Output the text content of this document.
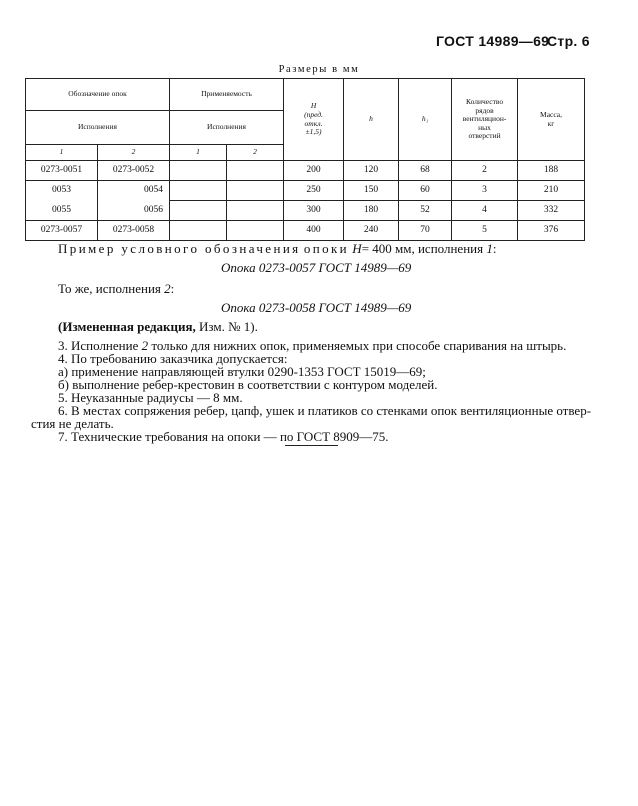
ГОСТ 14989—69
Стр. 6
Размеры в мм
Обозначение опок		Применяемость		H
(пред.
откл.
±1,5)	h	h₁	Количество
рядов
вентиляцион-
ных
отверстий	Масса,
кг
Исполнения		Исполнения						
1	2	1	2					
0273-0051	0273-0052			200	120	68	2	188
0053	0054			250	150	60	3	210
0055	0056			300	180	52	4	332
0273-0057	0273-0058			400	240	70	5	376
Пример условного обозначения опоки H= 400 мм, исполнения 1:
Опока 0273-0057 ГОСТ 14989—69
То же, исполнения 2:
Опока 0273-0058 ГОСТ 14989—69
(Измененная редакция, Изм. № 1).
3. Исполнение 2 только для нижних опок, применяемых при способе спаривания на штырь.
4. По требованию заказчика допускается:
а) применение направляющей втулки 0290-1353 ГОСТ 15019—69;
б) выполнение ребер-крестовин в соответствии с контуром моделей.
5. Неуказанные радиусы — 8 мм.
6. В местах сопряжения ребер, цапф, ушек и платиков со стенками опок вентиляционные отвер-
стия не делать.
7. Технические требования на опоки — по ГОСТ 8909—75.
